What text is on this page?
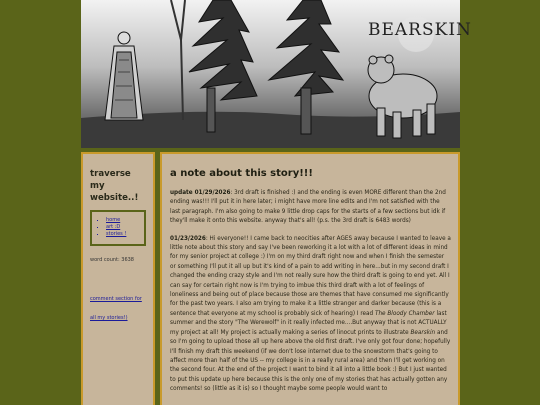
BEARSKIN
traverse my website..!
▪ home
▪ art :D
▪ stories !
word count: 3638
comment section for all my stories!)
a note about this story!!!

update 01/29/2026: 3rd draft is finished :) and the ending is even MORE different than the 2nd ending was!!! I'll put it in here later; i might have more line edits and I'm not satisfied with the last paragraph. I'm also going to make 9 little drop caps for the starts of a few sections but idk if they'll make it onto this website. anyway that's all! (p.s. the 3rd draft is 6483 words)

01/23/2026: Hi everyone!! I came back to neocities after AGES away because I wanted to leave a little note about this story and say I've been reworking it a lot with a lot of different ideas in mind for my senior project at college :) I'm on my third draft right now and when I finish the semester or something I'll put it all up but it's kind of a pain to add writing in here...but in my second draft I changed the ending crazy style and I'm not really sure how the third draft is going to end yet. All I can say for certain right now is I'm trying to imbue this third draft with a lot of feelings of loneliness and being out of place because those are themes that have consumed me significantly for the past two years. I also am trying to make it a little stranger and darker because (this is a sentence that everyone at my school is probably sick of hearing) I read The Bloody Chamber last summer and the story "The Werewolf" in it really infected me....But anyway that is not ACTUALLY my project at all! My project is actually making a series of linocut prints to illustrate Bearskin and so I'm going to upload those all up here above the old first draft. I've only got four done; hopefully I'll finish my draft this weekend (if we don't lose internet due to the snowstorm that's going to affect more than half of the US -- my college is in a really rural area) and then I'll get working on the second four. At the end of the project I want to bind it all into a little book :) But I just wanted to put this update up here because this is the only one of my stories that has actually gotten any comments! so (little as it is) so I thought maybe some people would want to
